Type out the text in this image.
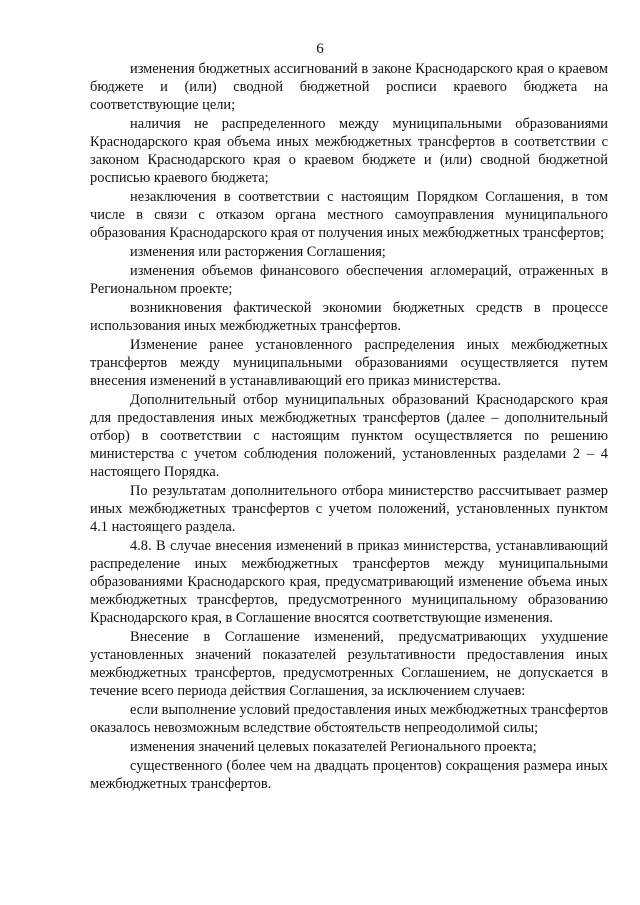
6

изменения бюджетных ассигнований в законе Краснодарского края о краевом бюджете и (или) сводной бюджетной росписи краевого бюджета на соответствующие цели;

наличия не распределенного между муниципальными образованиями Краснодарского края объема иных межбюджетных трансфертов в соответствии с законом Краснодарского края о краевом бюджете и (или) сводной бюджетной росписью краевого бюджета;

незаключения в соответствии с настоящим Порядком Соглашения, в том числе в связи с отказом органа местного самоуправления муниципального образования Краснодарского края от получения иных межбюджетных трансфертов;

изменения или расторжения Соглашения;

изменения объемов финансового обеспечения агломераций, отраженных в Региональном проекте;

возникновения фактической экономии бюджетных средств в процессе использования иных межбюджетных трансфертов.

Изменение ранее установленного распределения иных межбюджетных трансфертов между муниципальными образованиями осуществляется путем внесения изменений в устанавливающий его приказ министерства.

Дополнительный отбор муниципальных образований Краснодарского края для предоставления иных межбюджетных трансфертов (далее – дополнительный отбор) в соответствии с настоящим пунктом осуществляется по решению министерства с учетом соблюдения положений, установленных разделами 2 – 4 настоящего Порядка.

По результатам дополнительного отбора министерство рассчитывает размер иных межбюджетных трансфертов с учетом положений, установленных пунктом 4.1 настоящего раздела.

4.8. В случае внесения изменений в приказ министерства, устанавливающий распределение иных межбюджетных трансфертов между муниципальными образованиями Краснодарского края, предусматривающий изменение объема иных межбюджетных трансфертов, предусмотренного муниципальному образованию Краснодарского края, в Соглашение вносятся соответствующие изменения.

Внесение в Соглашение изменений, предусматривающих ухудшение установленных значений показателей результативности предоставления иных межбюджетных трансфертов, предусмотренных Соглашением, не допускается в течение всего периода действия Соглашения, за исключением случаев:

если выполнение условий предоставления иных межбюджетных трансфертов оказалось невозможным вследствие обстоятельств непреодолимой силы;

изменения значений целевых показателей Регионального проекта;

существенного (более чем на двадцать процентов) сокращения размера иных межбюджетных трансфертов.
